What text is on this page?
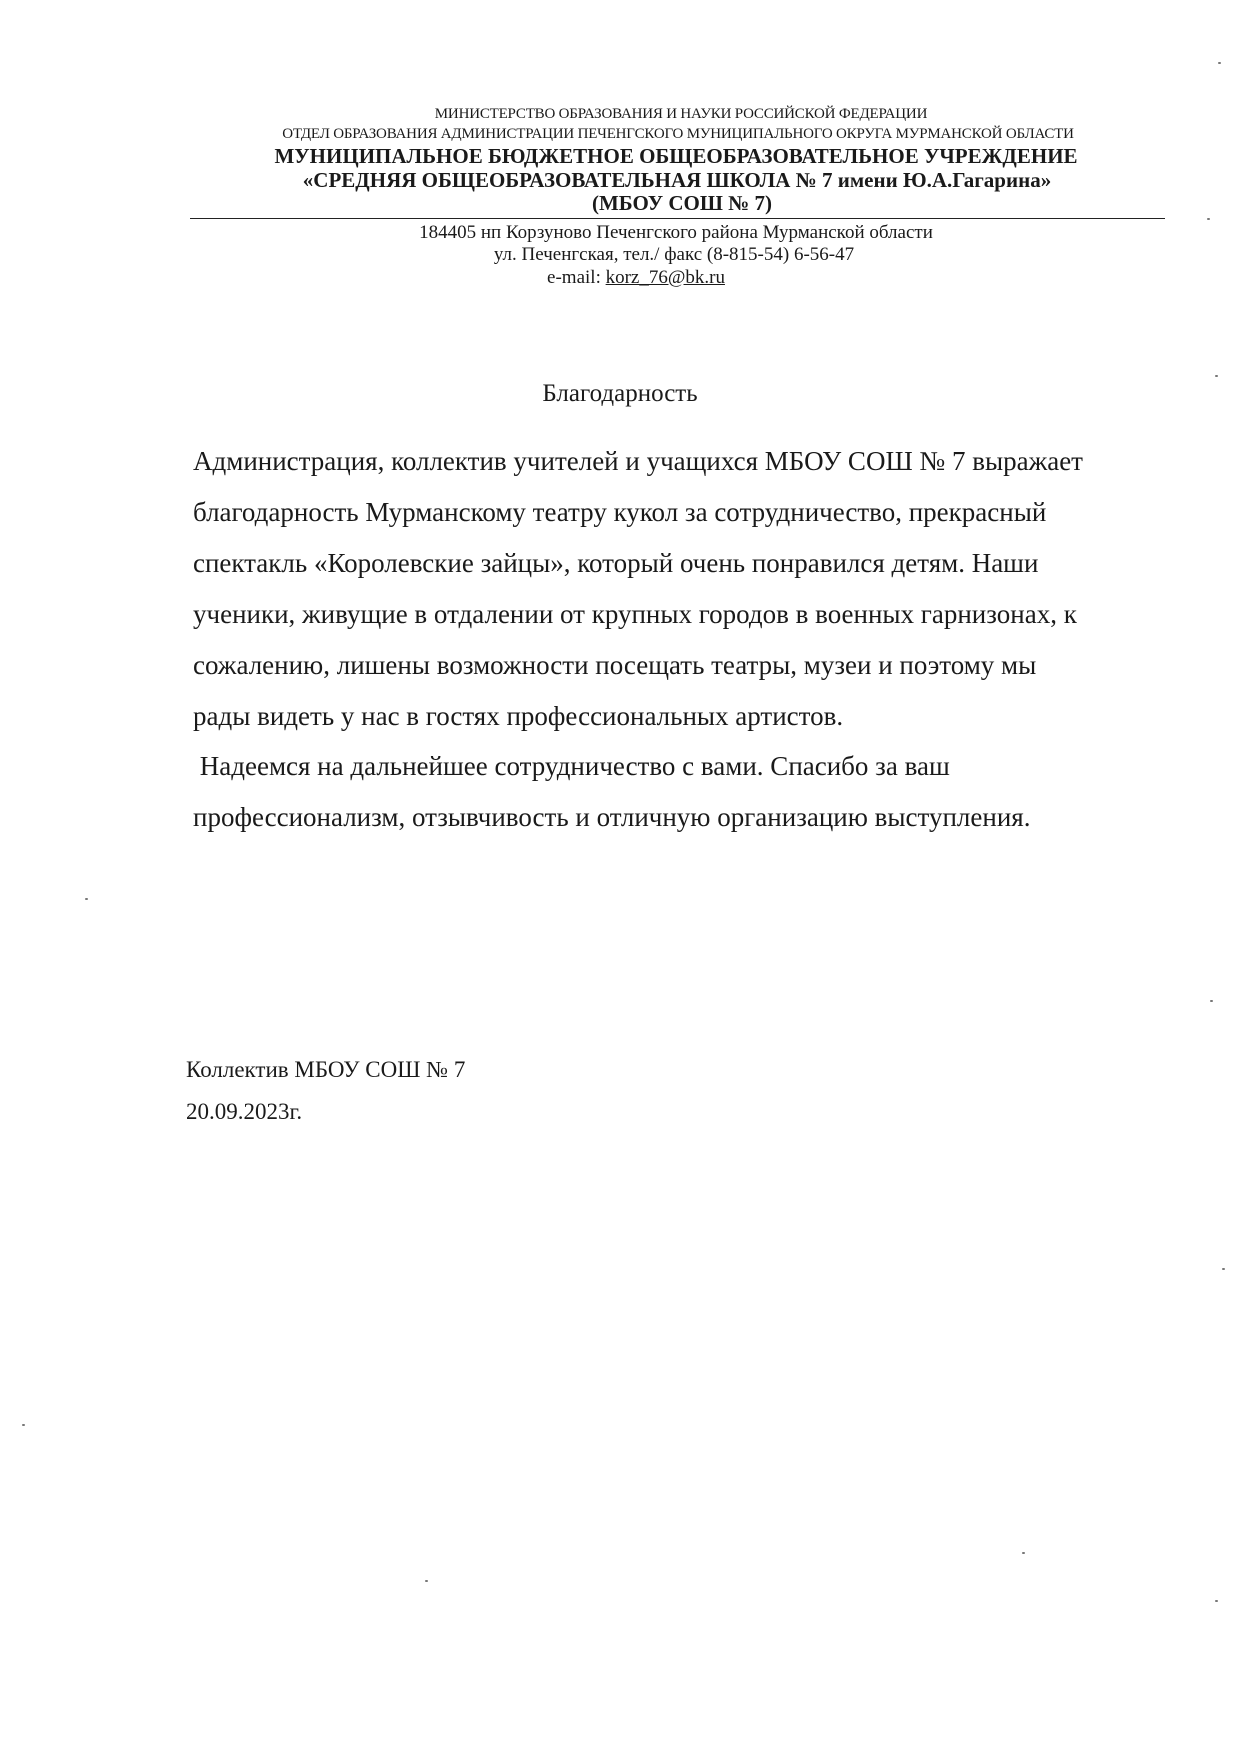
МИНИСТЕРСТВО ОБРАЗОВАНИЯ И НАУКИ РОССИЙСКОЙ ФЕДЕРАЦИИ
ОТДЕЛ ОБРАЗОВАНИЯ АДМИНИСТРАЦИИ ПЕЧЕНГСКОГО МУНИЦИПАЛЬНОГО ОКРУГА МУРМАНСКОЙ ОБЛАСТИ
МУНИЦИПАЛЬНОЕ БЮДЖЕТНОЕ ОБЩЕОБРАЗОВАТЕЛЬНОЕ УЧРЕЖДЕНИЕ
«СРЕДНЯЯ ОБЩЕОБРАЗОВАТЕЛЬНАЯ ШКОЛА № 7 имени Ю.А.Гагарина»
(МБОУ СОШ № 7)
184405 нп Корзуново Печенгского района Мурманской области
ул. Печенгская, тел./ факс (8-815-54) 6-56-47
e-mail: korz_76@bk.ru
Благодарность
Администрация, коллектив учителей и учащихся МБОУ СОШ № 7 выражает
благодарность Мурманскому театру кукол за сотрудничество, прекрасный
спектакль «Королевские зайцы», который очень понравился детям. Наши
ученики, живущие в отдалении от крупных городов в военных гарнизонах, к
сожалению, лишены возможности посещать театры, музеи и поэтому мы
рады видеть у нас в гостях профессиональных артистов.
Надеемся на дальнейшее сотрудничество с вами. Спасибо за ваш
профессионализм, отзывчивость и отличную организацию выступления.
Коллектив МБОУ СОШ № 7
20.09.2023г.
